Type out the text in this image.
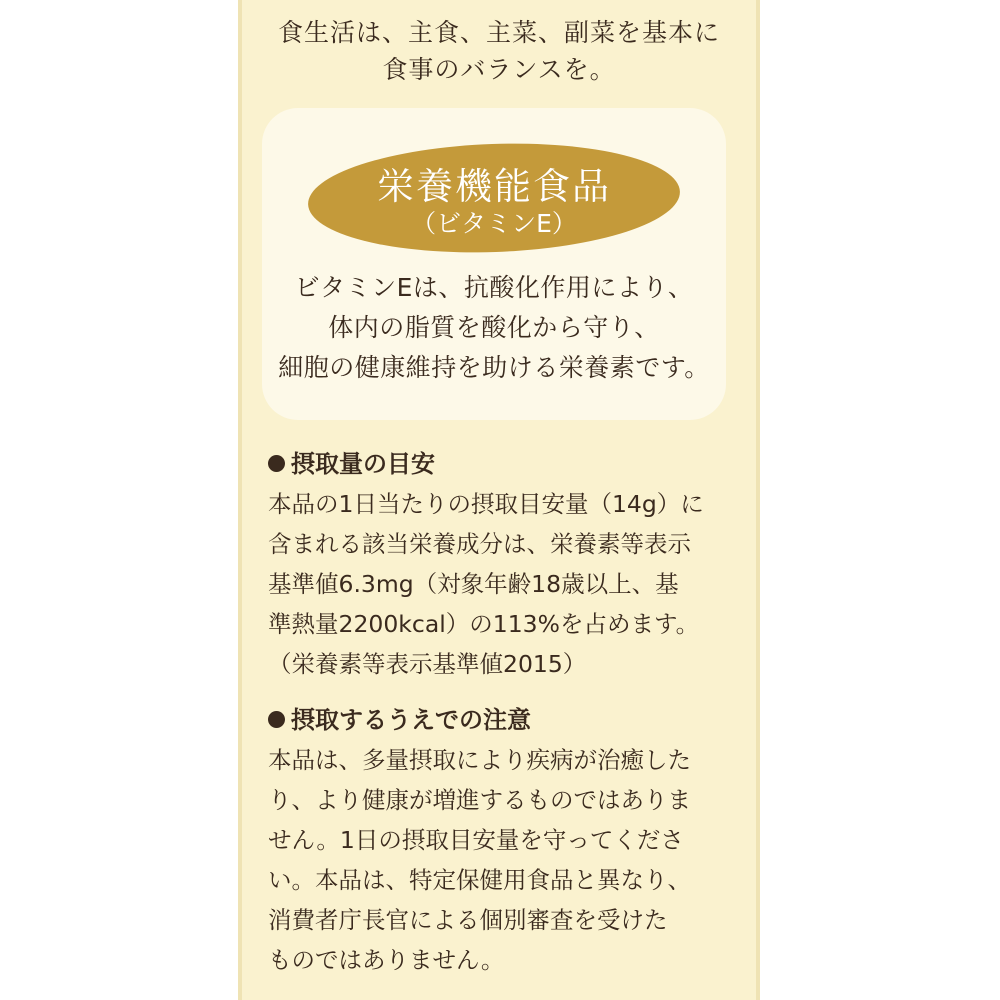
食生活は、主食、主菜、副菜を基本に
食事のバランスを。
栄養機能食品
（ビタミンE）
ビタミンEは、抗酸化作用により、
体内の脂質を酸化から守り、
細胞の健康維持を助ける栄養素です。
摂取量の目安
本品の1日当たりの摂取目安量（14g）に
含まれる該当栄養成分は、栄養素等表示
基準値6.3mg（対象年齢18歳以上、基
準熱量2200kcal）の113%を占めます。
（栄養素等表示基準値2015）
摂取するうえでの注意
本品は、多量摂取により疾病が治癒した
り、より健康が増進するものではありま
せん。1日の摂取目安量を守ってくださ
い。本品は、特定保健用食品と異なり、
消費者庁長官による個別審査を受けた
ものではありません。
